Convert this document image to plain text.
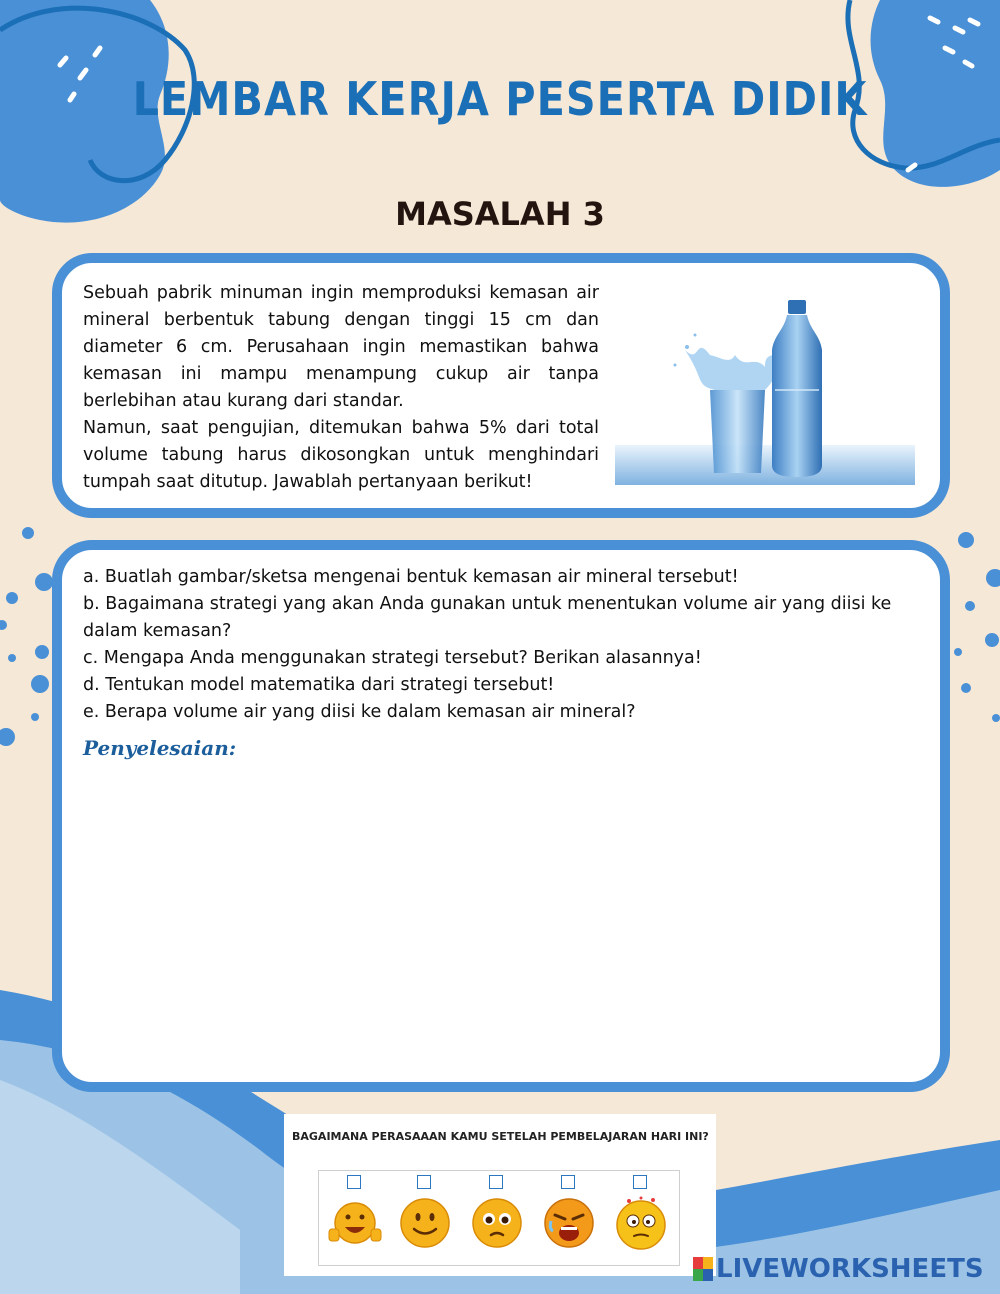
LEMBAR KERJA PESERTA DIDIK
MASALAH 3

Sebuah pabrik minuman ingin memproduksi kemasan air mineral berbentuk tabung dengan tinggi 15 cm dan diameter 6 cm. Perusahaan ingin memastikan bahwa kemasan ini mampu menampung cukup air tanpa berlebihan atau kurang dari standar.

Namun, saat pengujian, ditemukan bahwa 5% dari total volume tabung harus dikosongkan untuk menghindari tumpah saat ditutup. Jawablah pertanyaan berikut!

a. Buatlah gambar/sketsa mengenai bentuk kemasan air mineral tersebut!
b. Bagaimana strategi yang akan Anda gunakan untuk menentukan volume air yang diisi ke dalam kemasan?
c. Mengapa Anda menggunakan strategi tersebut? Berikan alasannya!
d. Tentukan model matematika dari strategi tersebut!
e. Berapa volume air yang diisi ke dalam kemasan air mineral?
Penyelesaian:
BAGAIMANA PERASAAAN KAMU SETELAH PEMBELAJARAN HARI INI?
LIVEWORKSHEETS
